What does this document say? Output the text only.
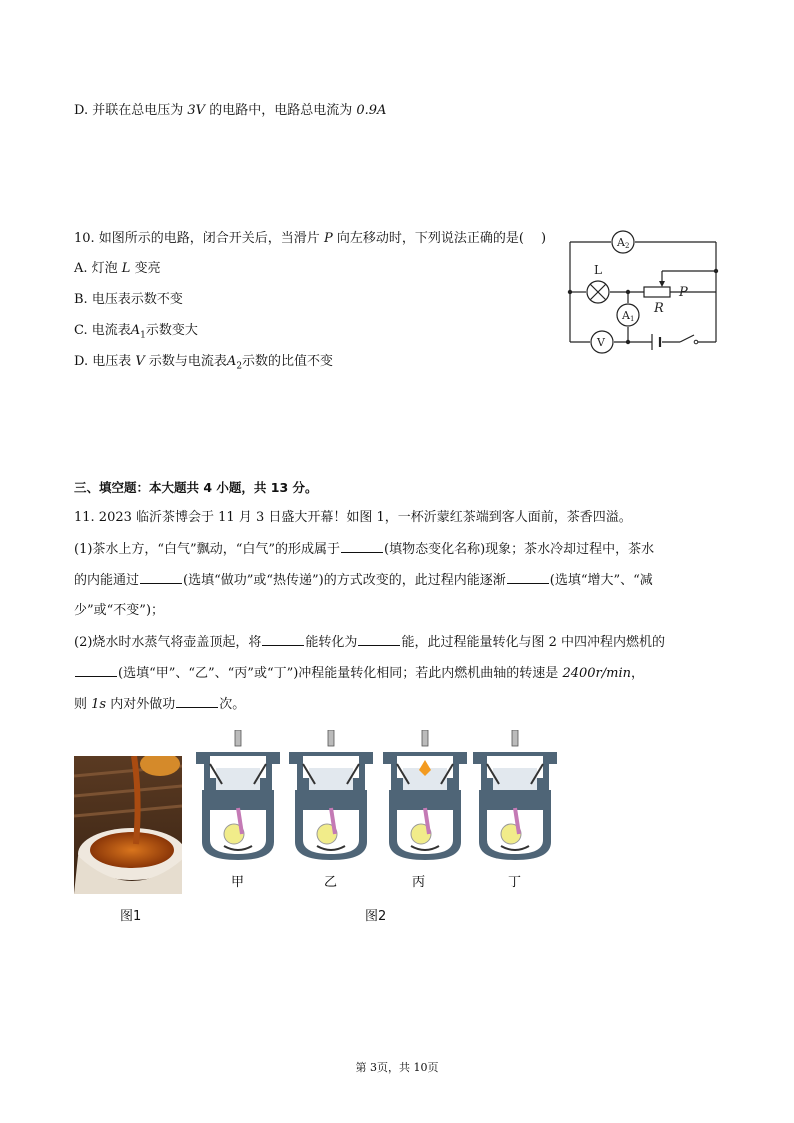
D. 并联在总电压为 3V 的电路中，电路总电流为 0.9A
10. 如图所示的电路，闭合开关后，当滑片 P 向左移动时，下列说法正确的是(　 )
A. 灯泡 L 变亮
B. 电压表示数不变
C. 电流表$A_1$示数变大
D. 电压表 V 示数与电流表$A_2$示数的比值不变
A 2
L
P
R
A 1
V
三、填空题：本大题共 4 小题，共 13 分。
11. 2023 临沂茶博会于 11 月 3 日盛大开幕！如图 1，一杯沂蒙红茶端到客人面前，茶香四溢。
(1)茶水上方，“白气”飘动，“白气”的形成属于	(填物态变化名称)现象；茶水冷却过程中，茶水
的内能通过	(选填“做功”或“热传递”)的方式改变的，此过程内能逐渐	(选填“增大”、“减
少”或“不变”)；
(2)烧水时水蒸气将壶盖顶起，将	能转化为	能，此过程能量转化与图 2 中四冲程内燃机的
(选填“甲”、“乙”、“丙”或“丁”)冲程能量转化相同；若此内燃机曲轴的转速是 2400r/min，
则 1s 内对外做功	次。
甲	乙	丙	丁
图1	图2
第 3页，共 10页
